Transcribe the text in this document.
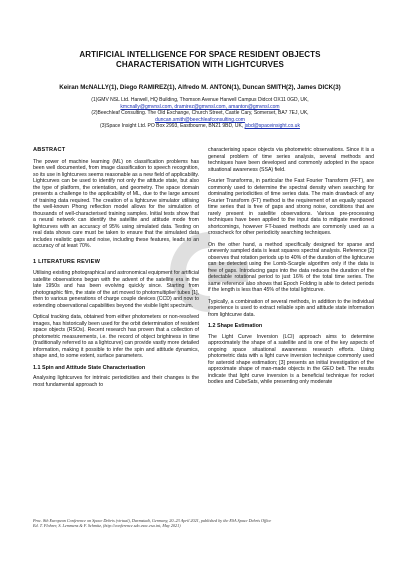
ARTIFICIAL INTELLIGENCE FOR SPACE RESIDENT OBJECTS
CHARACTERISATION WITH LIGHTCURVES
Keiran McNALLY(1), Diego RAMIREZ(1), Alfredo M. ANTON(1), Duncan SMITH(2), James DICK(3)
(1)GMV NSL Ltd. Harwell, HQ Building, Thomson Avenue Harwell Campus Didcot OX11 0GD, UK,
kmcnally@gmvnsl.com, dramirez@gmvnsl.com, amanton@gmvnsl.com
(2)Beechleaf Consulting. The Old Exchange, Church Street, Castle Cary, Somerset, BA7 7EJ, UK,
duncan.smith@beechleafconsulting.com
(3)Space Insight Ltd. PO Box 2993, Eastbourne, BN21 9BD, UK, jsbd@spaceinsight.co.uk
ABSTRACT

The power of machine learning (ML) on classification problems has been well documented, from image classification to speech recognition, so its use in lightcurves seems reasonable as a new field of applicability. Lightcurves can be used to identify not only the attitude state, but also the type of platform, the orientation, and geometry. The space domain presents a challenge to the applicability of ML, due to the large amount of training data required. The creation of a lightcurve simulator utilising the well-known Phong reflection model allows for the simulation of thousands of well-characterised training samples. Initial tests show that a neural network can identify the satellite and attitude mode from lightcurves with an accuracy of 95% using simulated data. Testing on real data shows care must be taken to ensure that the simulated data includes realistic gaps and noise, including these features, leads to an accuracy of at least 70%.

1 LITERATURE REVIEW

Utilising existing photographical and astronomical equipment for artificial satellite observations began with the advent of the satellite era in the late 1950s and has been evolving quickly since. Starting from photographic film, the state of the art moved to photomultiplier tubes [1], then to various generations of charge couple devices (CCD) and now to extending observational capabilities beyond the visible light spectrum.

Optical tracking data, obtained from either photometers or non-resolved images, has historically been used for the orbit determination of resident space objects (RSOs). Recent research has proven that a collection of photometric measurements, i.e. the record of object brightness in time (traditionally referred to as a lightcurve) can provide vastly more detailed information, making it possible to infer the spin and attitude dynamics, shape and, to some extent, surface parameters.

1.1 Spin and Attitude State Characterisation

Analysing lightcurves for intrinsic periodicities and their changes is the most fundamental approach to

characterising space objects via photometric observations. Since it is a general problem of time series analysis, several methods and techniques have been developed and commonly adopted in the space situational awareness (SSA) field.

Fourier Transforms, in particular the Fast Fourier Transform (FFT), are commonly used to determine the spectral density when searching for dominating periodicities of time series data. The main drawback of any Fourier Transform (FT) method is the requirement of an equally spaced time series that is free of gaps and strong noise, conditions that are rarely present in satellite observations. Various pre-processing techniques have been applied to the input data to mitigate mentioned shortcomings, however FT-based methods are commonly used as a crosscheck for other periodicity searching techniques.

On the other hand, a method specifically designed for sparse and unevenly sampled data is least squares spectral analysis. Reference [2] observes that rotation periods up to 40% of the duration of the lightcurve can be detected using the Lomb-Scargle algorithm only if the data is free of gaps. Introducing gaps into the data reduces the duration of the detectable rotational period to just 16% of the total time series. The same reference also shows that Epoch Folding is able to detect periods if the length is less than 45% of the total lightcurve.

Typically, a combination of several methods, in addition to the individual experience is used to extract reliable spin and attitude state information from lightcurve data.

1.2 Shape Estimation

The Light Curve Inversion (LCI) approach aims to determine approximately the shape of a satellite and is one of the key aspects of ongoing space situational awareness research efforts. Using photometric data with a light curve inversion technique commonly used for asteroid shape estimation; [3] presents an initial investigation of the approximate shape of man-made objects in the GEO belt. The results indicate that light curve inversion is a beneficial technique for rocket bodies and CubeSats, while presenting only moderate

Proc. 8th European Conference on Space Debris (virtual), Darmstadt, Germany, 20–23 April 2021, published by the ESA Space Debris Office
Ed. T. Flohrer, S. Lemmens & F. Schmitz, (http://conference.sdo.esoc.esa.int, May 2021)
